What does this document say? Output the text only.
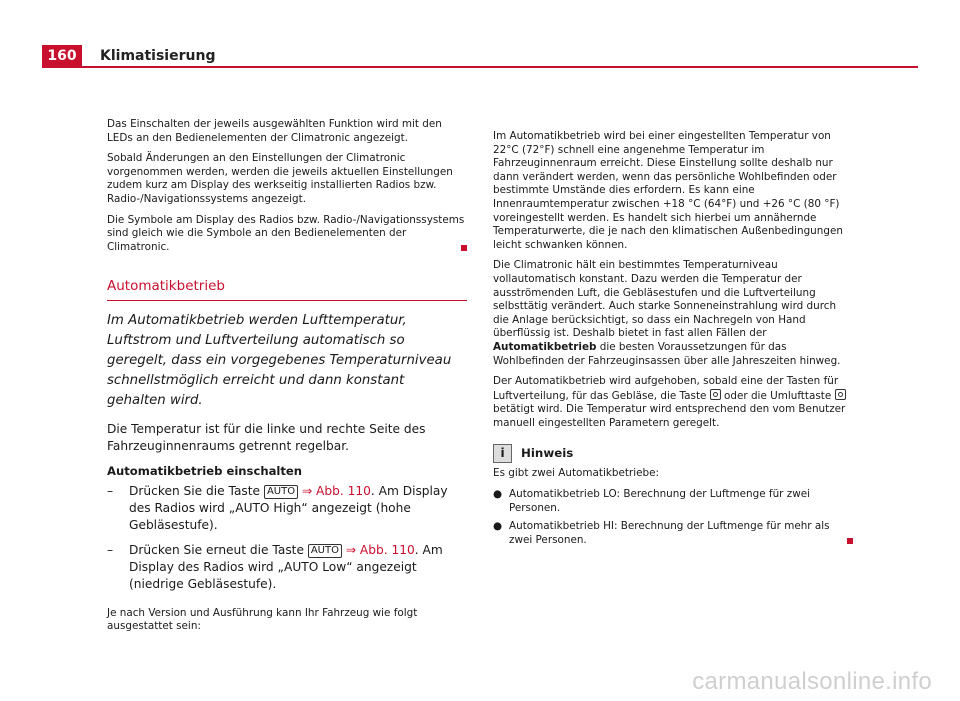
160	Klimatisierung

Das Einschalten der jeweils ausgewählten Funktion wird mit den LEDs an den Bedienelementen der Climatronic angezeigt.

Sobald Änderungen an den Einstellungen der Climatronic vorgenommen werden, werden die jeweils aktuellen Einstellungen zudem kurz am Display des werkseitig installierten Radios bzw. Radio-/Navigationssystems angezeigt.

Die Symbole am Display des Radios bzw. Radio-/Navigationssystems sind gleich wie die Symbole an den Bedienelementen der Climatronic.

Automatikbetrieb
Im Automatikbetrieb werden Lufttemperatur, Luftstrom und Luftverteilung automatisch so geregelt, dass ein vorgegebenes Temperaturniveau schnellstmöglich erreicht und dann konstant gehalten wird.
Die Temperatur ist für die linke und rechte Seite des Fahrzeuginnenraums getrennt regelbar.
Automatikbetrieb einschalten
– Drücken Sie die Taste AUTO ⇒ Abb. 110. Am Display des Radios wird „AUTO High“ angezeigt (hohe Gebläsestufe).
– Drücken Sie erneut die Taste AUTO ⇒ Abb. 110. Am Display des Radios wird „AUTO Low“ angezeigt (niedrige Gebläsestufe).
Je nach Version und Ausführung kann Ihr Fahrzeug wie folgt ausgestattet sein:

Im Automatikbetrieb wird bei einer eingestellten Temperatur von 22°C (72°F) schnell eine angenehme Temperatur im Fahrzeuginnenraum erreicht. Diese Einstellung sollte deshalb nur dann verändert werden, wenn das persönliche Wohlbefinden oder bestimmte Umstände dies erfordern. Es kann eine Innenraumtemperatur zwischen +18 °C (64°F) und +26 °C (80 °F) voreingestellt werden. Es handelt sich hierbei um annähernde Temperaturwerte, die je nach den klimatischen Außenbedingungen leicht schwanken können.

Die Climatronic hält ein bestimmtes Temperaturniveau vollautomatisch konstant. Dazu werden die Temperatur der ausströmenden Luft, die Gebläsestufen und die Luftverteilung selbsttätig verändert. Auch starke Sonneneinstrahlung wird durch die Anlage berücksichtigt, so dass ein Nachregeln von Hand überflüssig ist. Deshalb bietet in fast allen Fällen der Automatikbetrieb die besten Voraussetzungen für das Wohlbefinden der Fahrzeuginsassen über alle Jahreszeiten hinweg.

Der Automatikbetrieb wird aufgehoben, sobald eine der Tasten für Luftverteilung, für das Gebläse, die Taste  oder die Umlufttaste  betätigt wird. Die Temperatur wird entsprechend den vom Benutzer manuell eingestellten Parametern geregelt.

i	Hinweis

Es gibt zwei Automatikbetriebe:

● Automatikbetrieb LO: Berechnung der Luftmenge für zwei Personen.
● Automatikbetrieb HI: Berechnung der Luftmenge für mehr als zwei Personen.
carmanualsonline.info
